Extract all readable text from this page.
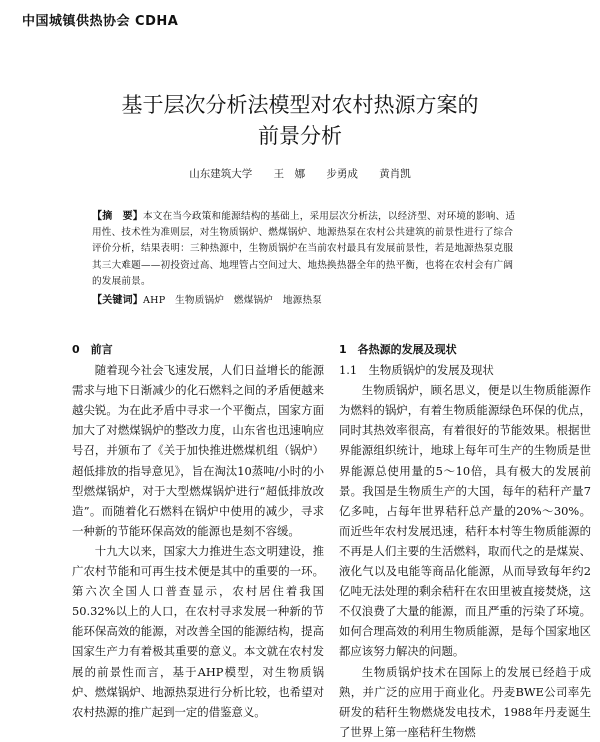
中国城镇供热协会 CDHA
基于层次分析法模型对农村热源方案的
前景分析
山东建筑大学 王　娜 步勇成 黄肖凯
【摘　要】本文在当今政策和能源结构的基础上，采用层次分析法，以经济型、对环境的影响、适用性、技术性为准则层，对生物质锅炉、燃煤锅炉、地源热泵在农村公共建筑的前景性进行了综合评价分析，结果表明：三种热源中，生物质锅炉在当前农村最具有发展前景性，若是地源热泵克服其三大难题——初投资过高、地埋管占空间过大、地热换热器全年的热平衡，也将在农村会有广阔的发展前景。
【关键词】AHP　生物质锅炉　燃煤锅炉　地源热泵
0　前言

随着现今社会飞速发展，人们日益增长的能源需求与地下日渐减少的化石燃料之间的矛盾便越来越尖锐。为在此矛盾中寻求一个平衡点，国家方面加大了对燃煤锅炉的整改力度，山东省也迅速响应号召，并颁布了《关于加快推进燃煤机组（锅炉）超低排放的指导意见》，旨在淘汰10蒸吨/小时的小型燃煤锅炉，对于大型燃煤锅炉进行“超低排放改造”。而随着化石燃料在锅炉中使用的减少，寻求一种新的节能环保高效的能源也是刻不容缓。

十九大以来，国家大力推进生态文明建设，推广农村节能和可再生技术便是其中的重要的一环。第六次全国人口普查显示，农村居住着我国50.32%以上的人口，在农村寻求发展一种新的节能环保高效的能源，对改善全国的能源结构，提高国家生产力有着极其重要的意义。本文就在农村发展的前景性而言，基于AHP模型，对生物质锅炉、燃煤锅炉、地源热泵进行分析比较，也希望对农村热源的推广起到一定的借鉴意义。

1　各热源的发展及现状
1.1　生物质锅炉的发展及现状

生物质锅炉，顾名思义，便是以生物质能源作为燃料的锅炉，有着生物质能源绿色环保的优点，同时其热效率很高，有着很好的节能效果。根据世界能源组织统计，地球上每年可生产的生物质是世界能源总使用量的5～10倍，具有极大的发展前景。我国是生物质生产的大国，每年的秸秆产量7亿多吨，占每年世界秸秆总产量的20%～30%。而近些年农村发展迅速，秸秆本村等生物质能源的不再是人们主要的生活燃料，取而代之的是煤炭、液化气以及电能等商品化能源，从而导致每年约2亿吨无法处理的剩余秸秆在农田里被直接焚烧，这不仅浪费了大量的能源，而且严重的污染了环境。如何合理高效的利用生物质能源，是每个国家地区都应该努力解决的问题。

生物质锅炉技术在国际上的发展已经趋于成熟，并广泛的应用于商业化。丹麦BWE公司率先研发的秸秆生物燃烧发电技术，1988年丹麦诞生了世界上第一座秸秆生物燃
